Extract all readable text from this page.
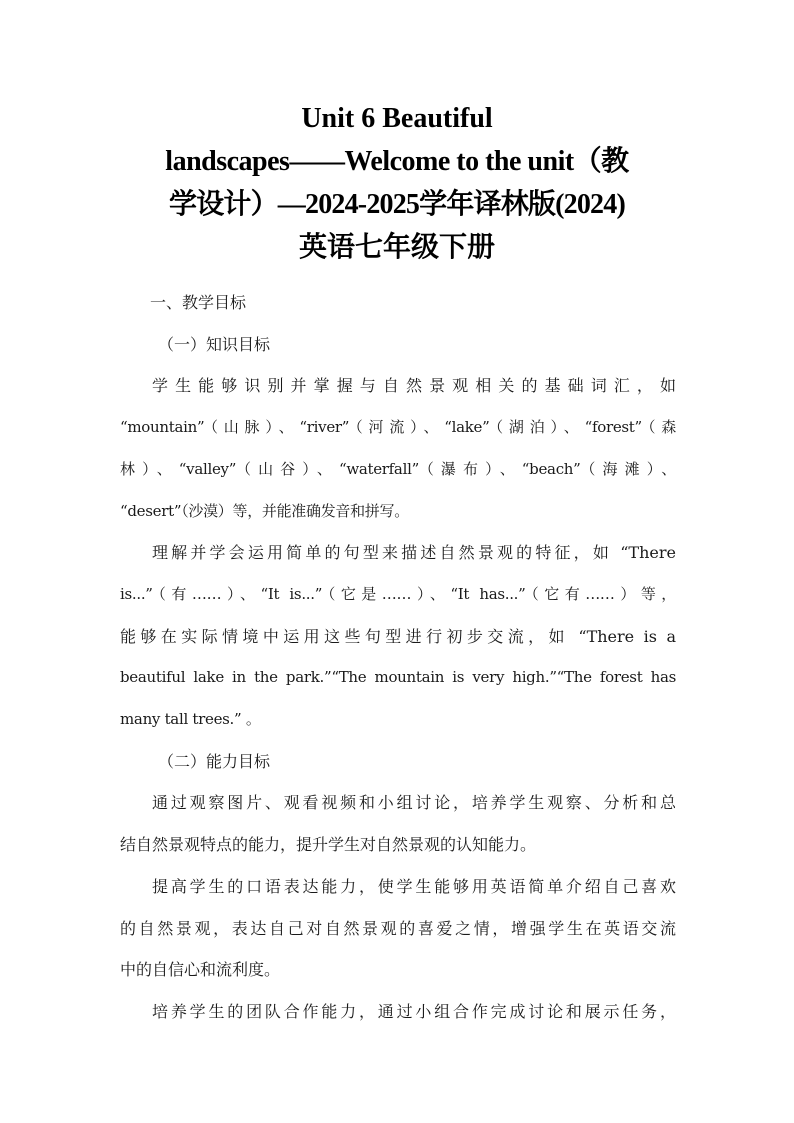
Unit 6 Beautiful
landscapes——Welcome to the unit（教
学设计）—2024-2025学年译林版(2024)
英语七年级下册
一、教学目标
（一）知识目标
学生能够识别并掌握与自然景观相关的基础词汇，如
“mountain”（山脉）、“river”（河流）、“lake”（湖泊）、“forest”（森
林）、“valley”（山谷）、“waterfall”（瀑布）、“beach”（海滩）、
“desert”（沙漠）等，并能准确发音和拼写。
理解并学会运用简单的句型来描述自然景观的特征，如 “There
is...”（有……）、“It is...”（它是……）、“It has...”（它有……）等，
能够在实际情境中运用这些句型进行初步交流，如 “There is a
beautiful lake in the park.”“The mountain is very high.”“The forest has
many tall trees.” 。
（二）能力目标
通过观察图片、观看视频和小组讨论，培养学生观察、分析和总
结自然景观特点的能力，提升学生对自然景观的认知能力。
提高学生的口语表达能力，使学生能够用英语简单介绍自己喜欢
的自然景观，表达自己对自然景观的喜爱之情，增强学生在英语交流
中的自信心和流利度。
培养学生的团队合作能力，通过小组合作完成讨论和展示任务，
